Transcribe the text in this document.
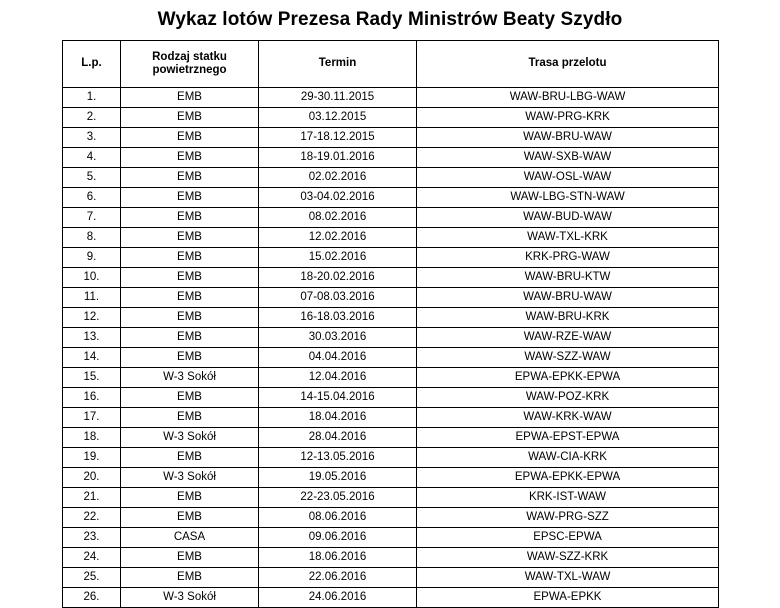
Wykaz lotów Prezesa Rady Ministrów Beaty Szydło
L.p.	Rodzaj statku
powietrznego	Termin	Trasa przelotu
1.	EMB	29-30.11.2015	WAW-BRU-LBG-WAW
2.	EMB	03.12.2015	WAW-PRG-KRK
3.	EMB	17-18.12.2015	WAW-BRU-WAW
4.	EMB	18-19.01.2016	WAW-SXB-WAW
5.	EMB	02.02.2016	WAW-OSL-WAW
6.	EMB	03-04.02.2016	WAW-LBG-STN-WAW
7.	EMB	08.02.2016	WAW-BUD-WAW
8.	EMB	12.02.2016	WAW-TXL-KRK
9.	EMB	15.02.2016	KRK-PRG-WAW
10.	EMB	18-20.02.2016	WAW-BRU-KTW
11.	EMB	07-08.03.2016	WAW-BRU-WAW
12.	EMB	16-18.03.2016	WAW-BRU-KRK
13.	EMB	30.03.2016	WAW-RZE-WAW
14.	EMB	04.04.2016	WAW-SZZ-WAW
15.	W-3 Sokół	12.04.2016	EPWA-EPKK-EPWA
16.	EMB	14-15.04.2016	WAW-POZ-KRK
17.	EMB	18.04.2016	WAW-KRK-WAW
18.	W-3 Sokół	28.04.2016	EPWA-EPST-EPWA
19.	EMB	12-13.05.2016	WAW-CIA-KRK
20.	W-3 Sokół	19.05.2016	EPWA-EPKK-EPWA
21.	EMB	22-23.05.2016	KRK-IST-WAW
22.	EMB	08.06.2016	WAW-PRG-SZZ
23.	CASA	09.06.2016	EPSC-EPWA
24.	EMB	18.06.2016	WAW-SZZ-KRK
25.	EMB	22.06.2016	WAW-TXL-WAW
26.	W-3 Sokół	24.06.2016	EPWA-EPKK
